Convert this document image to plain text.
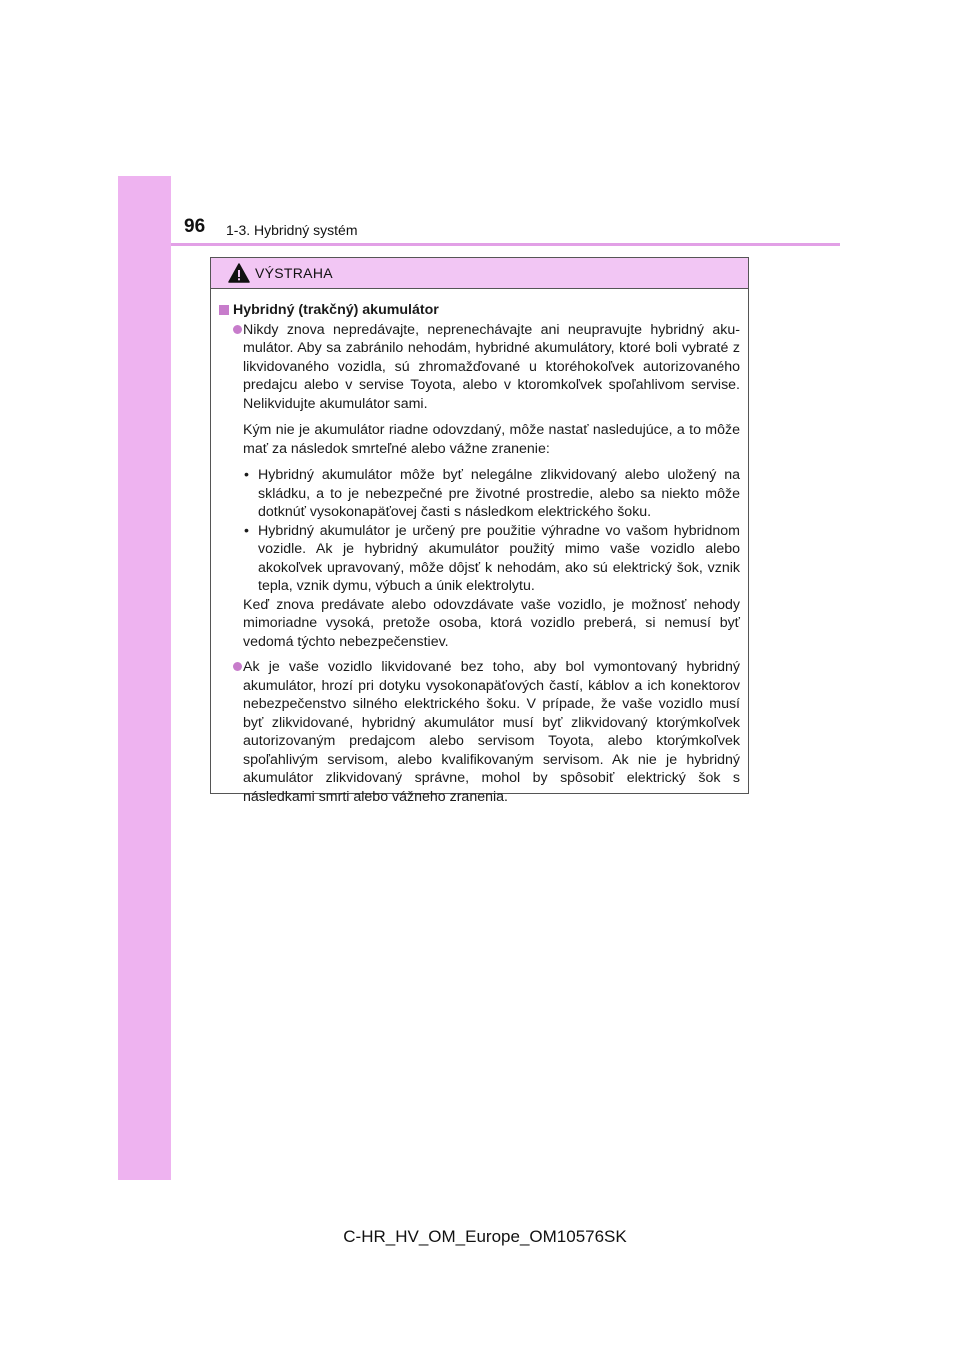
96 1-3. Hybridný systém
VÝSTRAHA
Hybridný (trakčný) akumulátor

Nikdy znova nepredávajte, neprenechávajte ani neupravujte hybridný akumulátor. Aby sa zabránilo nehodám, hybridné akumulátory, ktoré boli vybraté z likvidovaného vozidla, sú zhromažďované u ktoréhokoľvek autorizovaného predajcu alebo v servise Toyota, alebo v ktoromkoľvek spoľahlivom servise. Nelikvidujte akumulátor sami.

Kým nie je akumulátor riadne odovzdaný, môže nastať nasledujúce, a to môže mať za následok smrteľné alebo vážne zranenie:

• Hybridný akumulátor môže byť nelegálne zlikvidovaný alebo uložený na skládku, a to je nebezpečné pre životné prostredie, alebo sa niekto môže dotknúť vysokonapäťovej časti s následkom elektrického šoku.
• Hybridný akumulátor je určený pre použitie výhradne vo vašom hybridnom vozidle. Ak je hybridný akumulátor použitý mimo vaše vozidlo alebo akokoľvek upravovaný, môže dôjsť k nehodám, ako sú elektrický šok, vznik tepla, vznik dymu, výbuch a únik elektrolytu.

Keď znova predávate alebo odovzdávate vaše vozidlo, je možnosť nehody mimoriadne vysoká, pretože osoba, ktorá vozidlo preberá, si nemusí byť vedomá týchto nebezpečenstiev.

Ak je vaše vozidlo likvidované bez toho, aby bol vymontovaný hybridný akumulátor, hrozí pri dotyku vysokonapäťových častí, káblov a ich konektorov nebezpečenstvo silného elektrického šoku. V prípade, že vaše vozidlo musí byť zlikvidované, hybridný akumulátor musí byť zlikvidovaný ktorýmkoľvek autorizovaným predajcom alebo servisom Toyota, alebo ktorýmkoľvek spoľahlivým servisom, alebo kvalifikovaným servisom. Ak nie je hybridný akumulátor zlikvidovaný správne, mohol by spôsobiť elektrický šok s následkami smrti alebo vážneho zranenia.

C-HR_HV_OM_Europe_OM10576SK
